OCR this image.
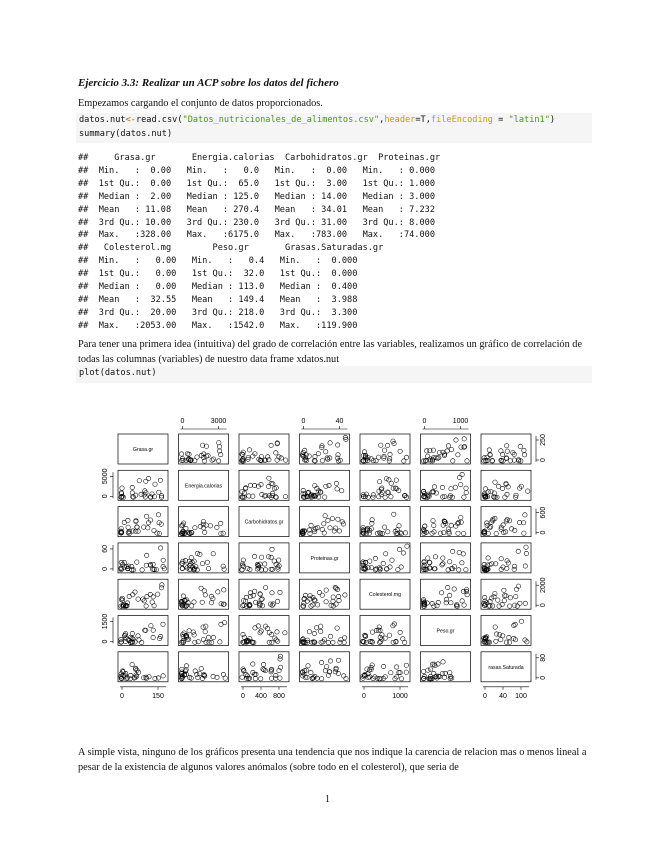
Ejercicio 3.3: Realizar un ACP sobre los datos del fichero
Empezamos cargando el conjunto de datos proporcionados.
datos.nut<-read.csv("Datos_nutricionales_de_alimentos.csv",header=T,fileEncoding = "latin1")
summary(datos.nut)
##     Grasa.gr       Energia.calorias  Carbohidratos.gr  Proteinas.gr
##  Min.   :  0.00   Min.   :   0.0   Min.   :  0.00   Min.   : 0.000
##  1st Qu.:  0.00   1st Qu.:  65.0   1st Qu.:  3.00   1st Qu.: 1.000
##  Median :  2.00   Median : 125.0   Median : 14.00   Median : 3.000
##  Mean   : 11.08   Mean   : 270.4   Mean   : 34.01   Mean   : 7.232
##  3rd Qu.: 10.00   3rd Qu.: 230.0   3rd Qu.: 31.00   3rd Qu.: 8.000
##  Max.   :328.00   Max.   :6175.0   Max.   :783.00   Max.   :74.000
##   Colesterol.mg        Peso.gr       Grasas.Saturadas.gr
##  Min.   :   0.00   Min.   :   0.4   Min.   :  0.000
##  1st Qu.:   0.00   1st Qu.:  32.0   1st Qu.:  0.000
##  Median :   0.00   Median : 113.0   Median :  0.400
##  Mean   :  32.55   Mean   : 149.4   Mean   :  3.988
##  3rd Qu.:  20.00   3rd Qu.: 218.0   3rd Qu.:  3.300
##  Max.   :2053.00   Max.   :1542.0   Max.   :119.900
Para tener una primera idea (intuitiva) del grado de correlación entre las variables, realizamos un gráfico de correlación de todas las columnas (variables) de nuestro data frame xdatos.nut
plot(datos.nut)
Grasa.gr
Energia.calorias
Carbohidratos.gr
Proteinas.gr
Colesterol.mg
Peso.gr
rasas.Saturada
0	3000	0	40	0	1000
0	150	0 400 800	0	1000	0 40 100
0
5000
0
60
0
1500
0
250
0
600
0
2000
0
80
A simple vista, ninguno de los gráficos presenta una tendencia que nos indique la carencia de relacion mas o menos lineal a pesar de la existencia de algunos valores anómalos (sobre todo en el colesterol), que seria de
1
